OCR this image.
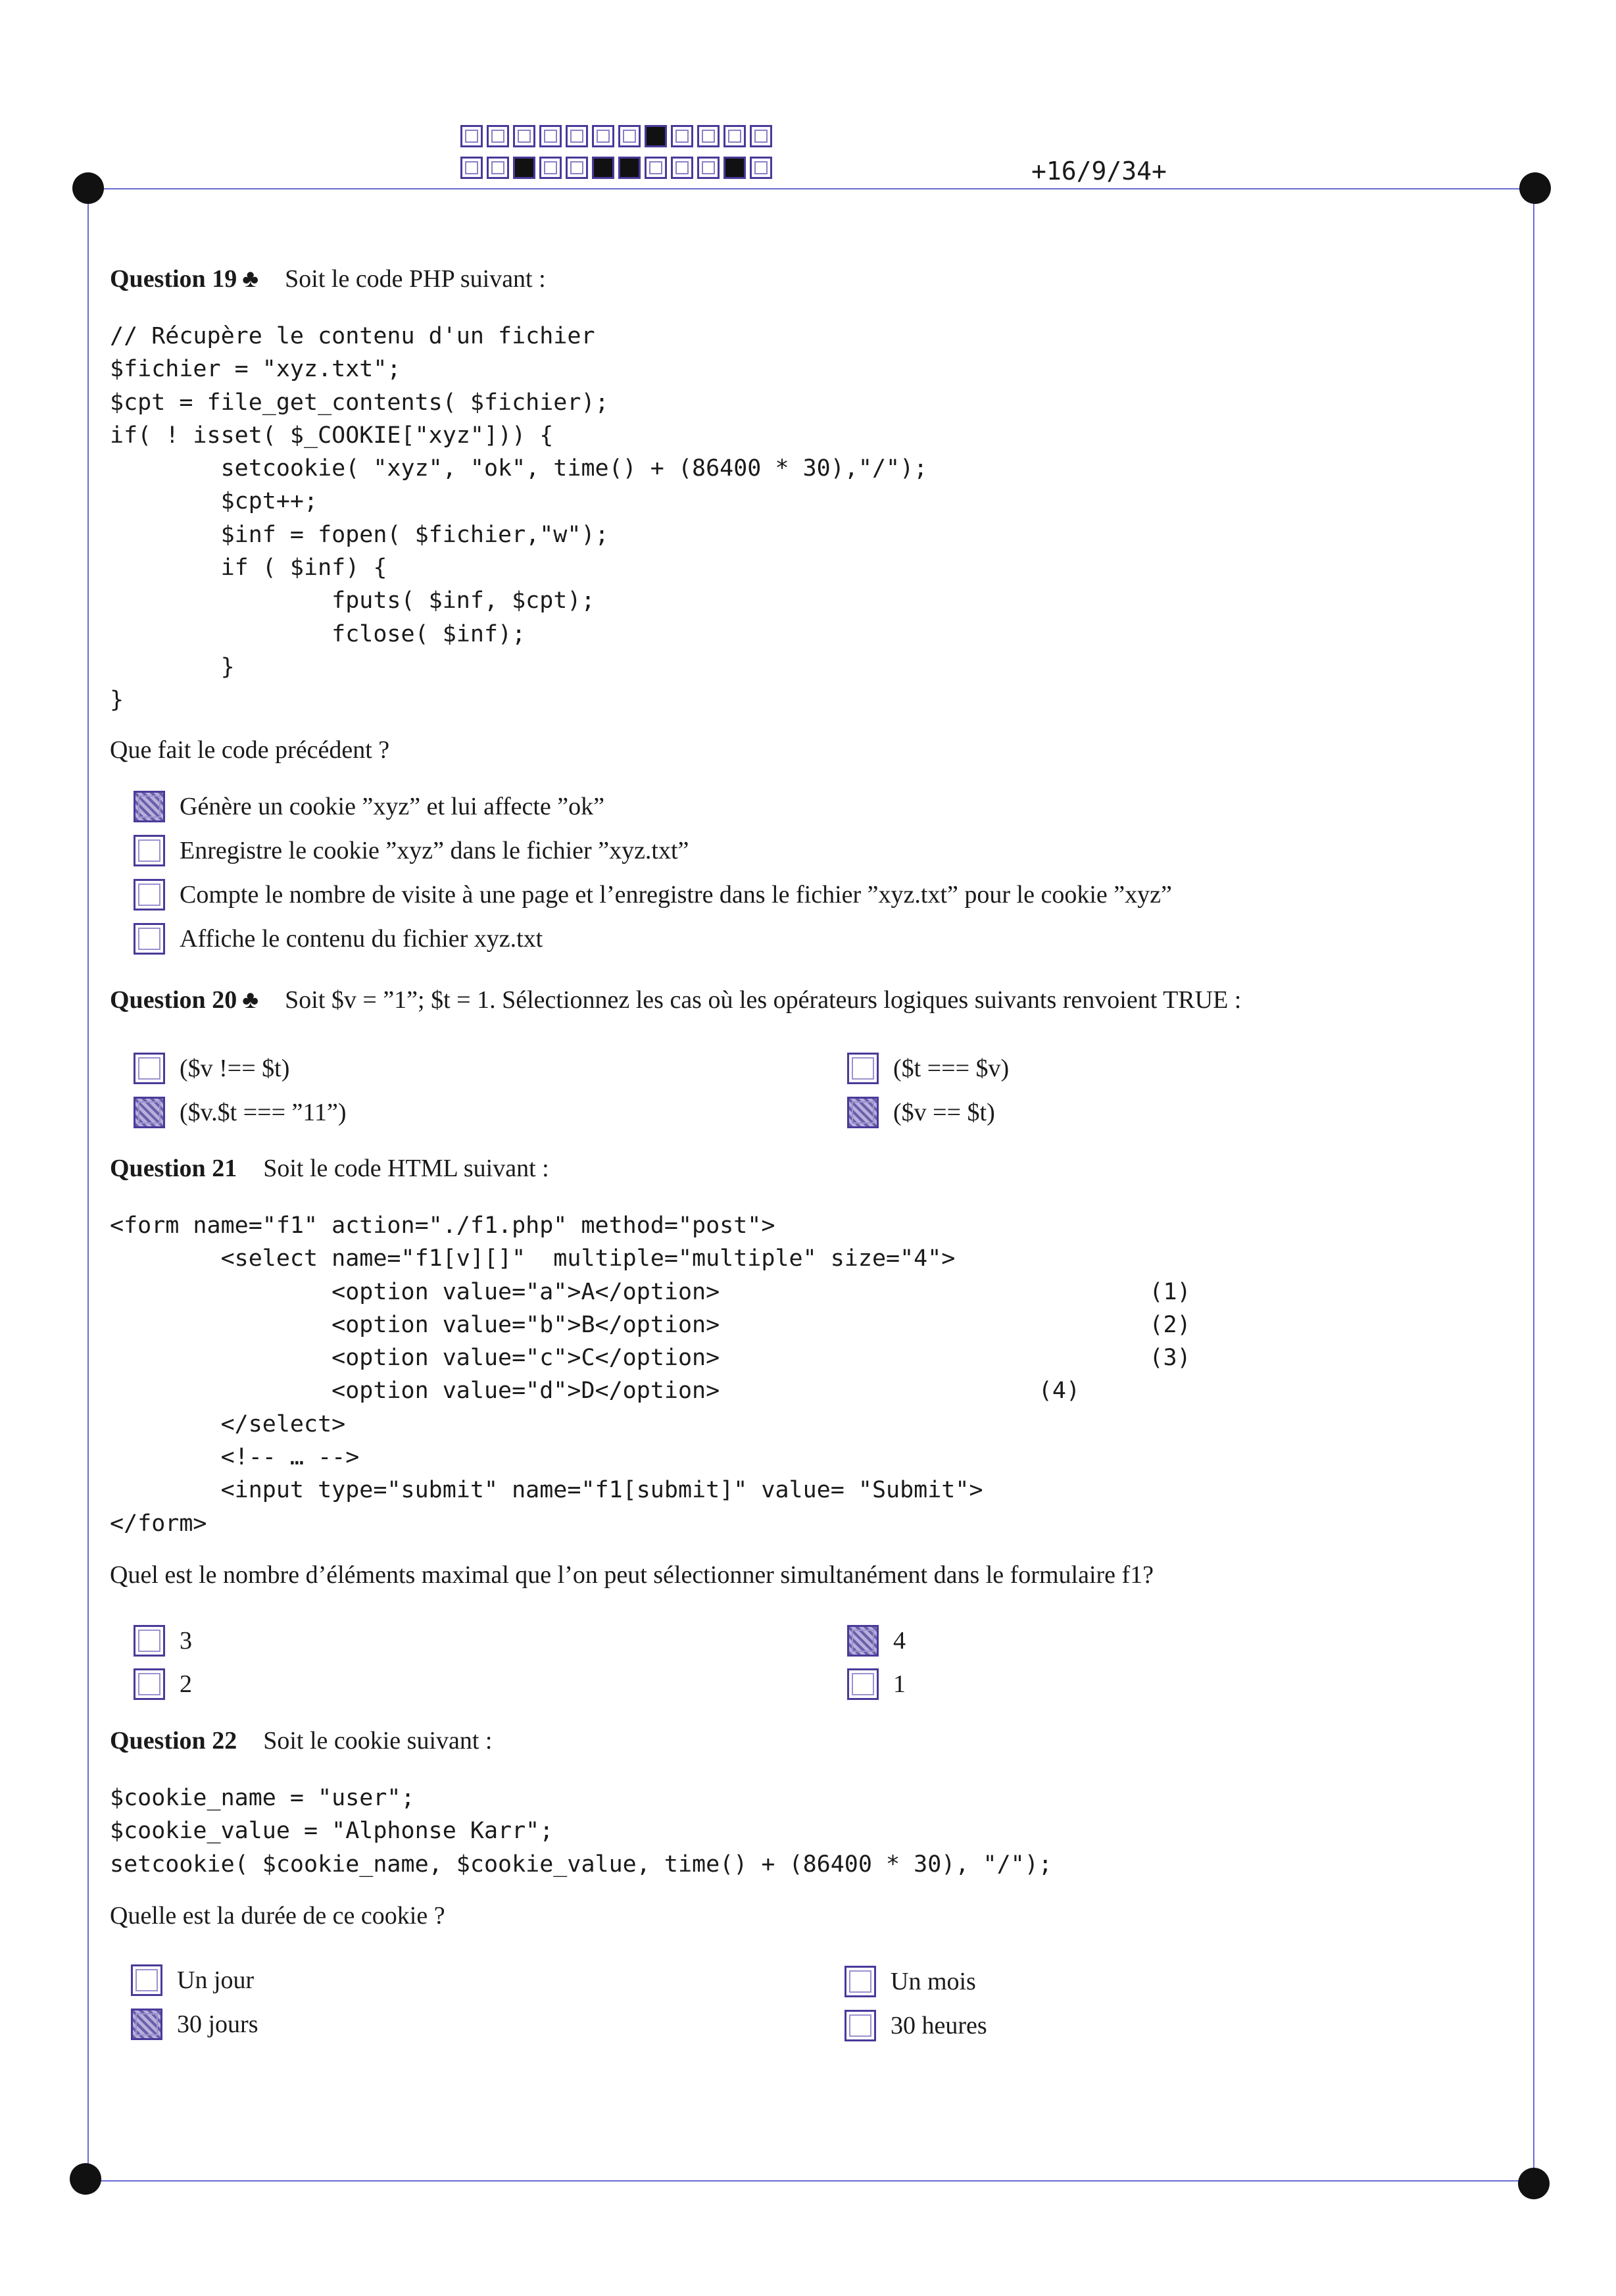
+16/9/34+
Question 19 ♣ Soit le code PHP suivant :
// Récupère le contenu d'un fichier
$fichier = "xyz.txt";
$cpt = file_get_contents( $fichier);
if( ! isset( $_COOKIE["xyz"])) {
setcookie( "xyz", "ok", time() + (86400 * 30),"/");
$cpt++;
$inf = fopen( $fichier,"w");
if ( $inf) {
fputs( $inf, $cpt);
fclose( $inf);
}
}
Que fait le code précédent ?
Génère un cookie ”xyz” et lui affecte ”ok”
Enregistre le cookie ”xyz” dans le fichier ”xyz.txt”
Compte le nombre de visite à une page et l’enregistre dans le fichier ”xyz.txt” pour le cookie ”xyz”
Affiche le contenu du fichier xyz.txt
Question 20 ♣ Soit $v = ”1”; $t = 1. Sélectionnez les cas où les opérateurs logiques suivants renvoient TRUE :
($v !== $t)	($t === $v)
($v.$t === ”11”)	($v == $t)
Question 21 Soit le code HTML suivant :
<form name="f1" action="./f1.php" method="post">
<select name="f1[v][]"  multiple="multiple" size="4">
<option value="a">A</option>                               (1)
<option value="b">B</option>                               (2)
<option value="c">C</option>                               (3)
<option value="d">D</option>                       (4)
</select>
<!-- … -->
<input type="submit" name="f1[submit]" value= "Submit">
</form>
Quel est le nombre d’éléments maximal que l’on peut sélectionner simultanément dans le formulaire f1?
3	4
2	1
Question 22 Soit le cookie suivant :
$cookie_name = "user";
$cookie_value = "Alphonse Karr";
setcookie( $cookie_name, $cookie_value, time() + (86400 * 30), "/");
Quelle est la durée de ce cookie ?
Un jour	Un mois
30 jours	30 heures
